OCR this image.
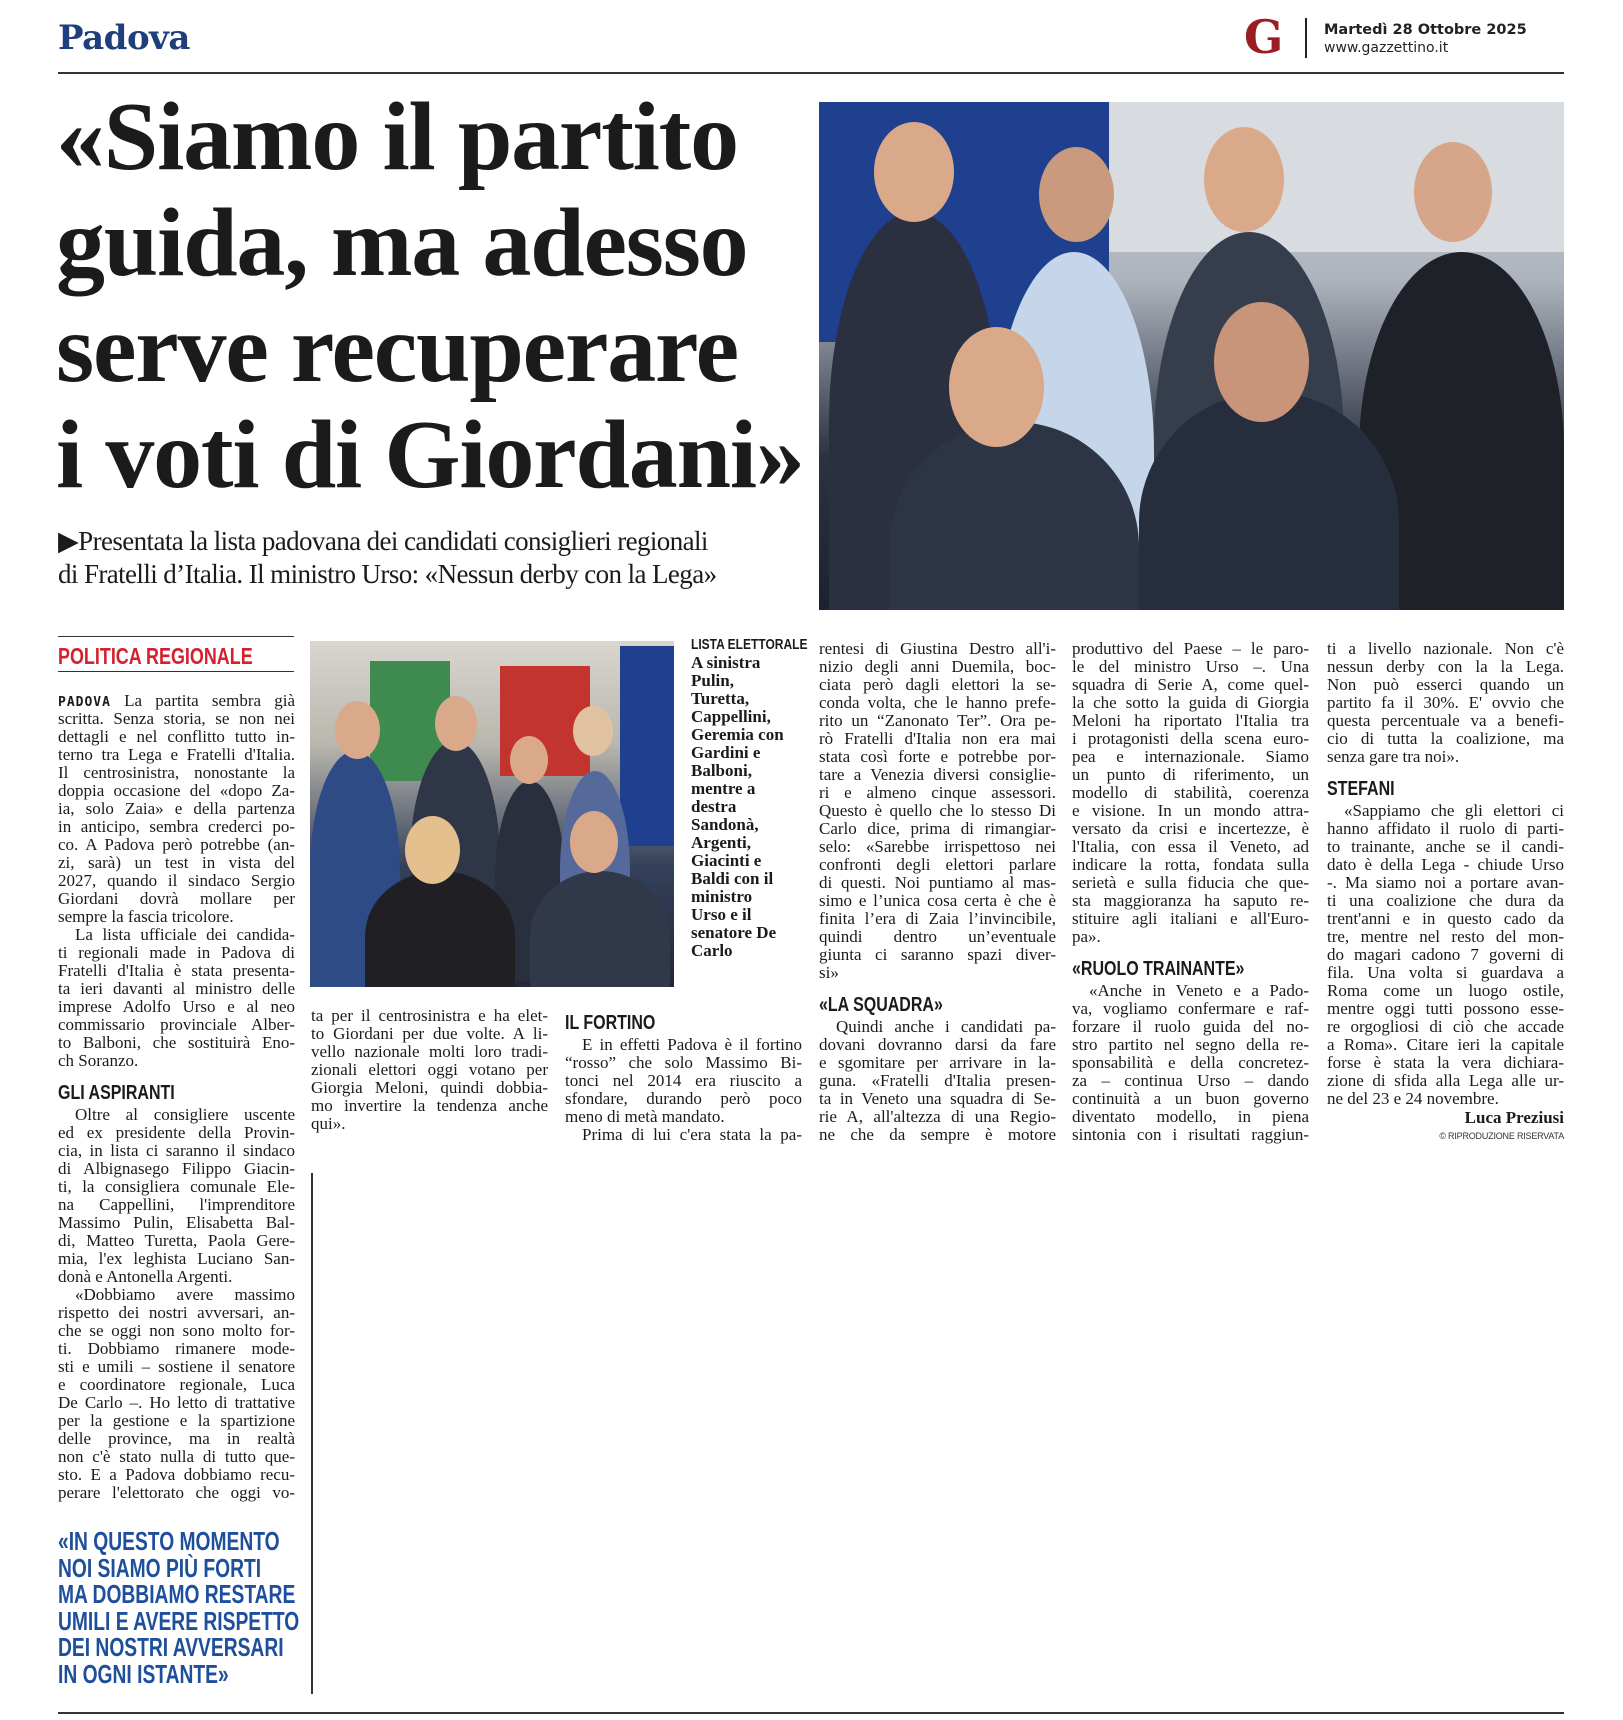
Padova	G	Martedì 28 Ottobre 2025
www.gazzettino.it
«Siamo il partito
guida, ma adesso
serve recuperare
i voti di Giordani»
▶Presentata la lista padovana dei candidati consiglieri regionali
di Fratelli d’Italia. Il ministro Urso: «Nessun derby con la Lega»
POLITICA REGIONALE	LISTA ELETTORALE
A sinistra
Pulin,
Turetta,
Cappellini,
Geremia con
Gardini e
Balboni,
mentre a
destra
Sandonà,
Argenti,
Giacinti e
Baldi con il
ministro
Urso e il
senatore De
Carlo
PADOVA La partita sembra già
scritta. Senza storia, se non nei
dettagli e nel conflitto tutto in-
terno tra Lega e Fratelli d'Italia.
Il centrosinistra, nonostante la
doppia occasione del «dopo Za-
ia, solo Zaia» e della partenza
in anticipo, sembra crederci po-
co. A Padova però potrebbe (an-
zi, sarà) un test in vista del
2027, quando il sindaco Sergio
Giordani dovrà mollare per
sempre la fascia tricolore.
La lista ufficiale dei candida-
ti regionali made in Padova di
Fratelli d'Italia è stata presenta-
ta ieri davanti al ministro delle
imprese Adolfo Urso e al neo
commissario provinciale Alber-
to Balboni, che sostituirà Eno-
ch Soranzo.
GLI ASPIRANTI
Oltre al consigliere uscente
ed ex presidente della Provin-
cia, in lista ci saranno il sindaco
di Albignasego Filippo Giacin-
ti, la consigliera comunale Ele-
na Cappellini, l'imprenditore
Massimo Pulin, Elisabetta Bal-
di, Matteo Turetta, Paola Gere-
mia, l'ex leghista Luciano San-
donà e Antonella Argenti.
«Dobbiamo avere massimo
rispetto dei nostri avversari, an-
che se oggi non sono molto for-
ti. Dobbiamo rimanere mode-
sti e umili – sostiene il senatore
e coordinatore regionale, Luca
De Carlo –. Ho letto di trattative
per la gestione e la spartizione
delle province, ma in realtà
non c'è stato nulla di tutto que-
sto. E a Padova dobbiamo recu-
perare l'elettorato che oggi vo-
ta per il centrosinistra e ha elet-
to Giordani per due volte. A li-
vello nazionale molti loro tradi-
zionali elettori oggi votano per
Giorgia Meloni, quindi dobbia-
mo invertire la tendenza anche
qui».
IL FORTINO
E in effetti Padova è il fortino
“rosso” che solo Massimo Bi-
tonci nel 2014 era riuscito a
sfondare, durando però poco
meno di metà mandato.
Prima di lui c'era stata la pa-
rentesi di Giustina Destro all'i-
nizio degli anni Duemila, boc-
ciata però dagli elettori la se-
conda volta, che le hanno prefe-
rito un “Zanonato Ter”. Ora pe-
rò Fratelli d'Italia non era mai
stata così forte e potrebbe por-
tare a Venezia diversi consiglie-
ri e almeno cinque assessori.
Questo è quello che lo stesso Di
Carlo dice, prima di rimangiar-
selo: «Sarebbe irrispettoso nei
confronti degli elettori parlare
di questi. Noi puntiamo al mas-
simo e l’unica cosa certa è che è
finita l’era di Zaia l’invincibile,
quindi dentro un’eventuale
giunta ci saranno spazi diver-
si»
«LA SQUADRA»
Quindi anche i candidati pa-
dovani dovranno darsi da fare
e sgomitare per arrivare in la-
guna. «Fratelli d'Italia presen-
ta in Veneto una squadra di Se-
rie A, all'altezza di una Regio-
ne che da sempre è motore
produttivo del Paese – le paro-
le del ministro Urso –. Una
squadra di Serie A, come quel-
la che sotto la guida di Giorgia
Meloni ha riportato l'Italia tra
i protagonisti della scena euro-
pea e internazionale. Siamo
un punto di riferimento, un
modello di stabilità, coerenza
e visione. In un mondo attra-
versato da crisi e incertezze, è
l'Italia, con essa il Veneto, ad
indicare la rotta, fondata sulla
serietà e sulla fiducia che que-
sta maggioranza ha saputo re-
stituire agli italiani e all'Euro-
pa».
«RUOLO TRAINANTE»
«Anche in Veneto e a Pado-
va, vogliamo confermare e raf-
forzare il ruolo guida del no-
stro partito nel segno della re-
sponsabilità e della concretez-
za – continua Urso – dando
continuità a un buon governo
diventato modello, in piena
sintonia con i risultati raggiun-
ti a livello nazionale. Non c'è
nessun derby con la la Lega.
Non può esserci quando un
partito fa il 30%. E' ovvio che
questa percentuale va a benefi-
cio di tutta la coalizione, ma
senza gare tra noi».
STEFANI
«Sappiamo che gli elettori ci
hanno affidato il ruolo di parti-
to trainante, anche se il candi-
dato è della Lega - chiude Urso
-. Ma siamo noi a portare avan-
ti una coalizione che dura da
trent'anni e in questo cado da
tre, mentre nel resto del mon-
do magari cadono 7 governi di
fila. Una volta si guardava a
Roma come un luogo ostile,
mentre oggi tutti possono esse-
re orgogliosi di ciò che accade
a Roma». Citare ieri la capitale
forse è stata la vera dichiara-
zione di sfida alla Lega alle ur-
ne del 23 e 24 novembre.
Luca Preziusi
© RIPRODUZIONE RISERVATA
«IN QUESTO MOMENTO
NOI SIAMO PIÙ FORTI
MA DOBBIAMO RESTARE
UMILI E AVERE RISPETTO
DEI NOSTRI AVVERSARI
IN OGNI ISTANTE»
